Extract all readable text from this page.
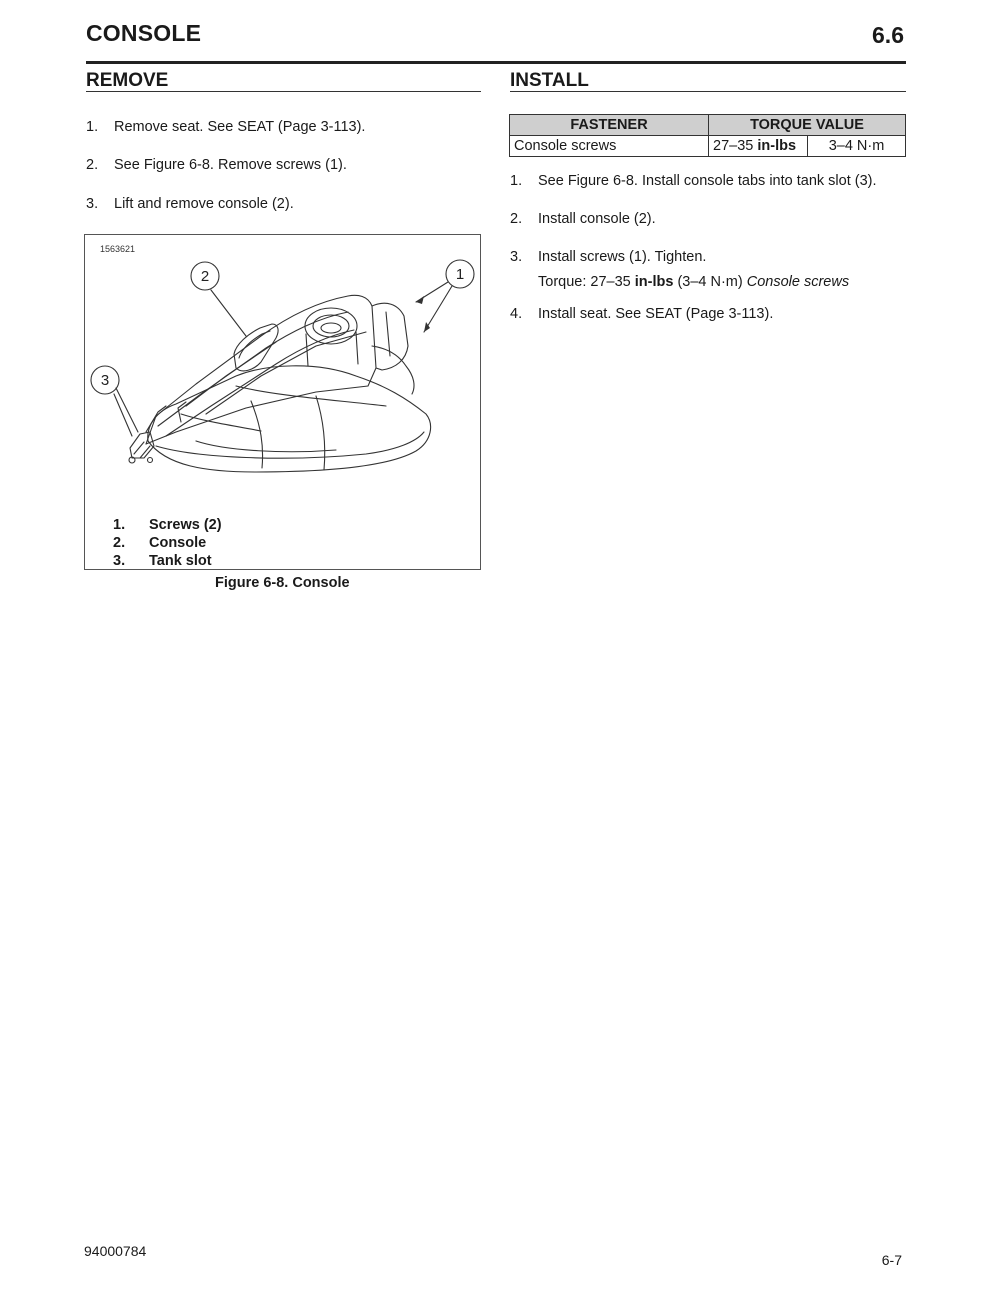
CONSOLE	6.6
REMOVE
1. Remove seat. See SEAT (Page 3-113).
2. See Figure 6-8. Remove screws (1).
3. Lift and remove console (2).
1563621
2	1
3
1. Screws (2)
2. Console
3. Tank slot
Figure 6-8. Console
INSTALL
FASTENER	TORQUE VALUE	
Console screws	27–35 in-lbs	3–4 N·m
1. See Figure 6-8. Install console tabs into tank slot (3).
2. Install console (2).
3. Install screws (1). Tighten.
Torque: 27–35 in-lbs (3–4 N·m) Console screws
4. Install seat. See SEAT (Page 3-113).
94000784
6-7
